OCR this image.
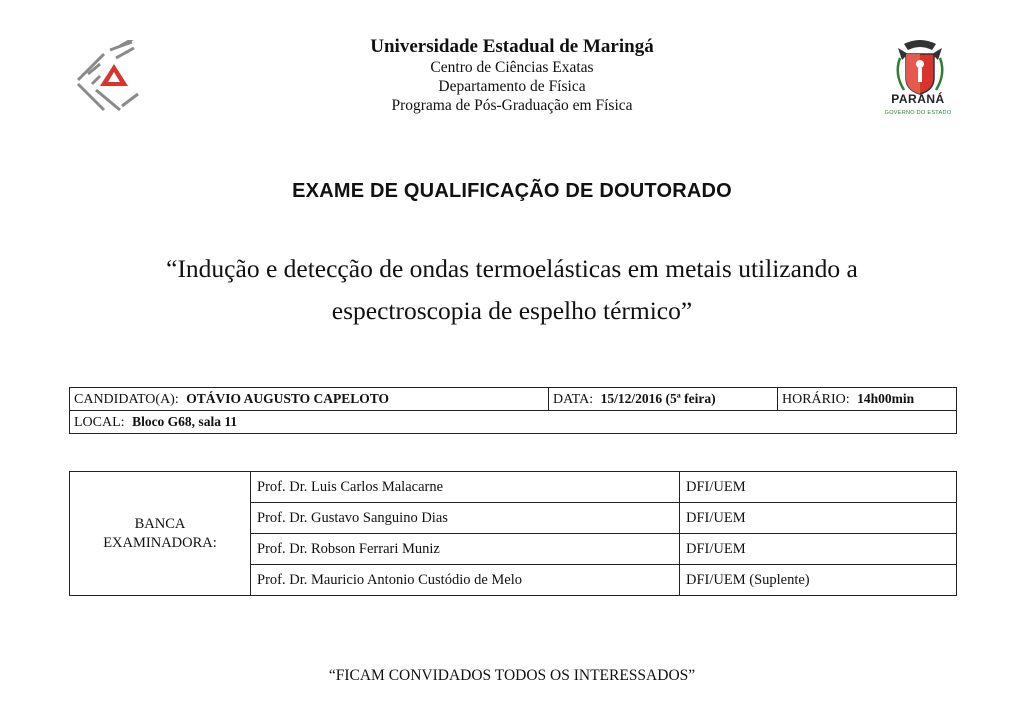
Universidade Estadual de Maringá
Centro de Ciências Exatas
Departamento de Física
Programa de Pós-Graduação em Física	PARANÁ
GOVERNO DO ESTADO
EXAME DE QUALIFICAÇÃO DE DOUTORADO
“Indução e detecção de ondas termoelásticas em metais utilizando a espectroscopia de espelho térmico”
CANDIDATO(A): OTÁVIO AUGUSTO CAPELOTO	DATA: 15/12/2016 (5ª feira)	HORÁRIO: 14h00min
LOCAL: Bloco G68, sala 11
BANCA
EXAMINADORA:	Prof. Dr. Luis Carlos Malacarne	DFI/UEM
	Prof. Dr. Gustavo Sanguino Dias	DFI/UEM
	Prof. Dr. Robson Ferrari Muniz	DFI/UEM
	Prof. Dr. Mauricio Antonio Custódio de Melo	DFI/UEM (Suplente)
“FICAM CONVIDADOS TODOS OS INTERESSADOS”
